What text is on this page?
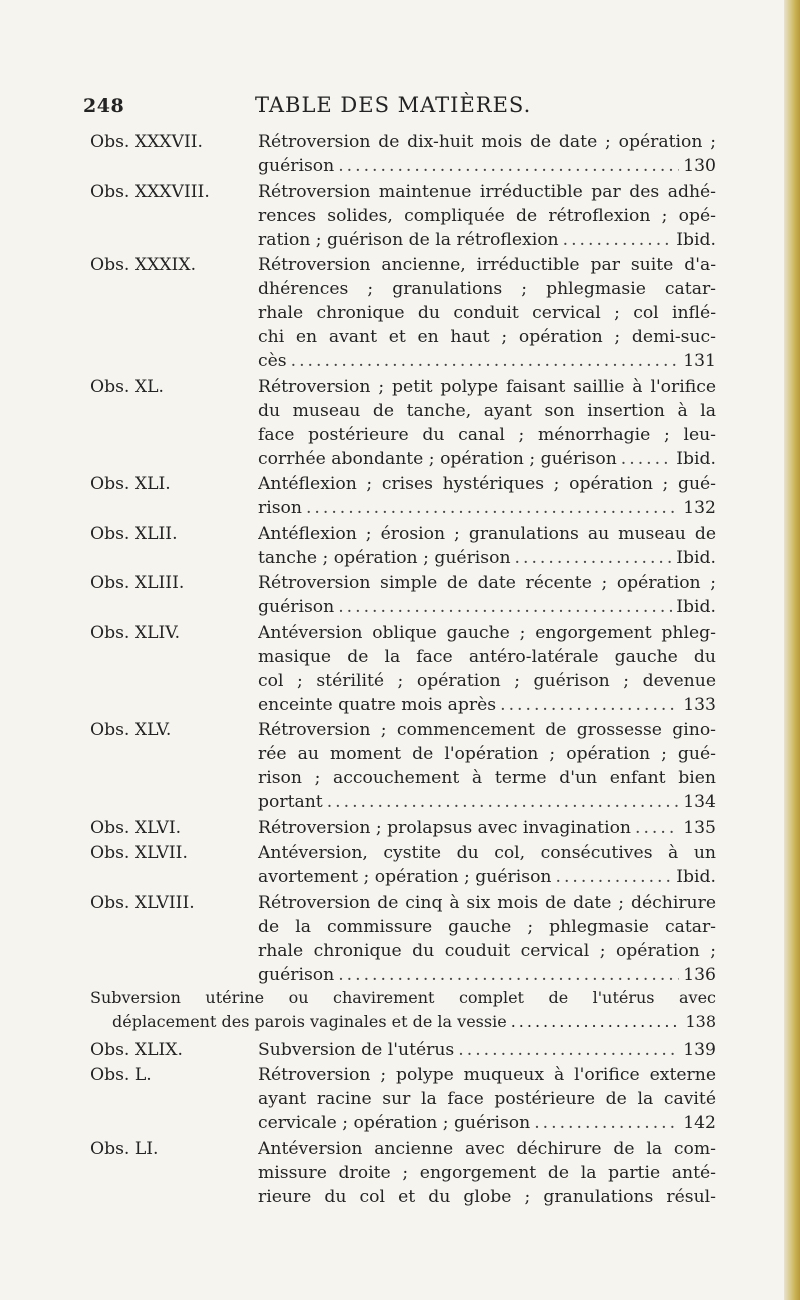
248	TABLE DES MATIÈRES.
Obs. XXXVII.	Rétroversion de dix-huit mois de date ; opération ;
guérison .....	130
Obs. XXXVIII.	Rétroversion maintenue irréductible par des adhé-
rences solides, compliquée de rétroflexion ; opé-
ration ; guérison de la rétroflexion .....	Ibid.
Obs. XXXIX.	Rétroversion ancienne, irréductible par suite d'a-
dhérences ; granulations ; phlegmasie catar-
rhale chronique du conduit cervical ; col inflé-
chi en avant et en haut ; opération ; demi-suc-
cès .....	131
Obs. XL.	Rétroversion ; petit polype faisant saillie à l'orifice
du museau de tanche, ayant son insertion à la
face postérieure du canal ; ménorrhagie ; leu-
corrhée abondante ; opération ; guérison .....	Ibid.
Obs. XLI.	Antéflexion ; crises hystériques ; opération ; gué-
rison .....	132
Obs. XLII.	Antéflexion ; érosion ; granulations au museau de
tanche ; opération ; guérison .....	Ibid.
Obs. XLIII.	Rétroversion simple de date récente ; opération ;
guérison .....	Ibid.
Obs. XLIV.	Antéversion oblique gauche ; engorgement phleg-
masique de la face antéro-latérale gauche du
col ; stérilité ; opération ; guérison ; devenue
enceinte quatre mois après .....	133
Obs. XLV.	Rétroversion ; commencement de grossesse gino-
rée au moment de l'opération ; opération ; gué-
rison ; accouchement à terme d'un enfant bien
portant .....	134
Obs. XLVI.	Rétroversion ; prolapsus avec invagination .....	135
Obs. XLVII.	Antéversion, cystite du col, consécutives à un
avortement ; opération ; guérison .....	Ibid.
Obs. XLVIII.	Rétroversion de cinq à six mois de date ; déchirure
de la commissure gauche ; phlegmasie catar-
rhale chronique du couduit cervical ; opération ;
guérison .....	136
Subversion utérine ou chavirement complet de l'utérus avec
déplacement des parois vaginales et de la vessie .....	138
Obs. XLIX.	Subversion de l'utérus .....	139
Obs. L.	Rétroversion ; polype muqueux à l'orifice externe
ayant racine sur la face postérieure de la cavité
cervicale ; opération ; guérison .....	142
Obs. LI.	Antéversion ancienne avec déchirure de la com-
missure droite ; engorgement de la partie anté-
rieure du col et du globe ; granulations résul-
